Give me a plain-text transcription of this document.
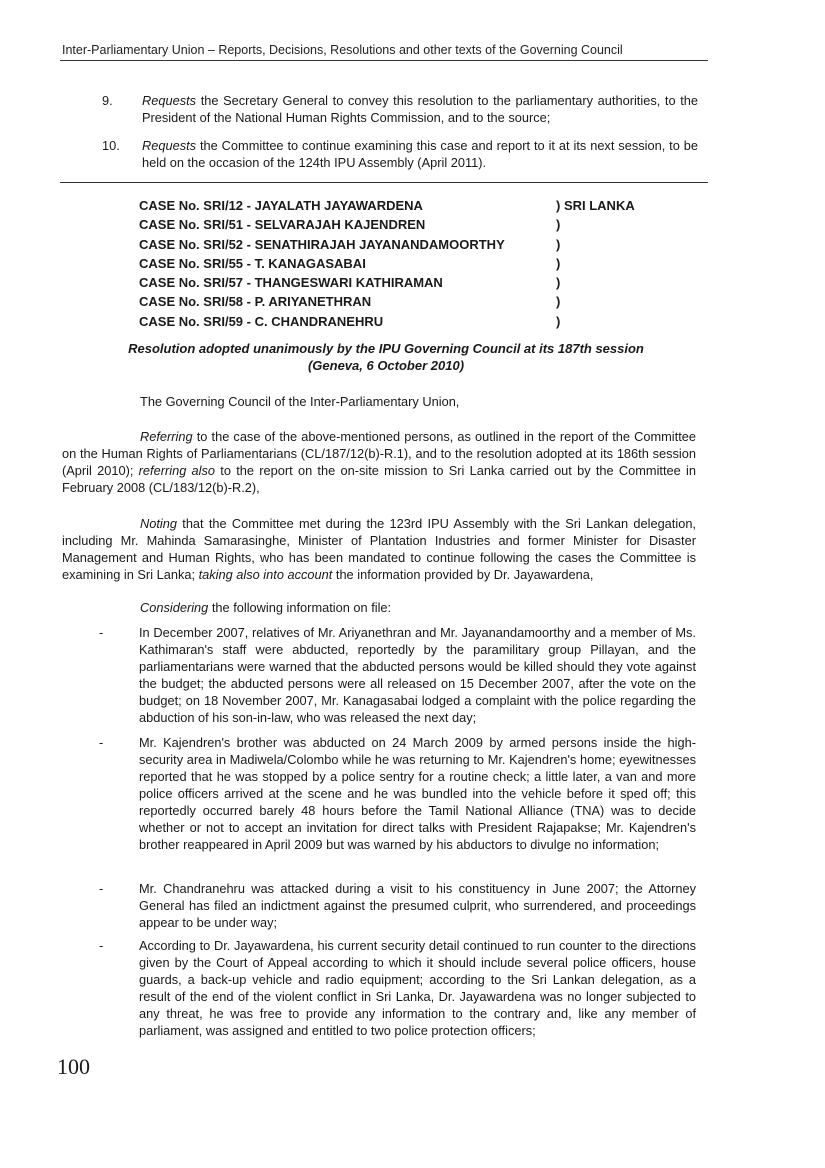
Inter-Parliamentary Union – Reports, Decisions, Resolutions and other texts of the Governing Council
9. Requests the Secretary General to convey this resolution to the parliamentary authorities, to the President of the National Human Rights Commission, and to the source;
10. Requests the Committee to continue examining this case and report to it at its next session, to be held on the occasion of the 124th IPU Assembly (April 2011).
CASE No. SRI/12 - JAYALATH JAYAWARDENA	) SRI LANKA
CASE No. SRI/51 - SELVARAJAH KAJENDREN	)
CASE No. SRI/52 - SENATHIRAJAH JAYANANDAMOORTHY	)
CASE No. SRI/55 - T. KANAGASABAI	)
CASE No. SRI/57 - THANGESWARI KATHIRAMAN	)
CASE No. SRI/58 - P. ARIYANETHRAN	)
CASE No. SRI/59 - C. CHANDRANEHRU	)
Resolution adopted unanimously by the IPU Governing Council at its 187th session
(Geneva, 6 October 2010)
The Governing Council of the Inter-Parliamentary Union,
Referring to the case of the above-mentioned persons, as outlined in the report of the Committee on the Human Rights of Parliamentarians (CL/187/12(b)-R.1), and to the resolution adopted at its 186th session (April 2010); referring also to the report on the on-site mission to Sri Lanka carried out by the Committee in February 2008 (CL/183/12(b)-R.2),
Noting that the Committee met during the 123rd IPU Assembly with the Sri Lankan delegation, including Mr. Mahinda Samarasinghe, Minister of Plantation Industries and former Minister for Disaster Management and Human Rights, who has been mandated to continue following the cases the Committee is examining in Sri Lanka; taking also into account the information provided by Dr. Jayawardena,
Considering the following information on file:
-	In December 2007, relatives of Mr. Ariyanethran and Mr. Jayanandamoorthy and a member of Ms. Kathimaran's staff were abducted, reportedly by the paramilitary group Pillayan, and the parliamentarians were warned that the abducted persons would be killed should they vote against the budget; the abducted persons were all released on 15 December 2007, after the vote on the budget; on 18 November 2007, Mr. Kanagasabai lodged a complaint with the police regarding the abduction of his son-in-law, who was released the next day;
-	Mr. Kajendren's brother was abducted on 24 March 2009 by armed persons inside the high-security area in Madiwela/Colombo while he was returning to Mr. Kajendren's home; eyewitnesses reported that he was stopped by a police sentry for a routine check; a little later, a van and more police officers arrived at the scene and he was bundled into the vehicle before it sped off; this reportedly occurred barely 48 hours before the Tamil National Alliance (TNA) was to decide whether or not to accept an invitation for direct talks with President Rajapakse; Mr. Kajendren's brother reappeared in April 2009 but was warned by his abductors to divulge no information;
-	Mr. Chandranehru was attacked during a visit to his constituency in June 2007; the Attorney General has filed an indictment against the presumed culprit, who surrendered, and proceedings appear to be under way;
-	According to Dr. Jayawardena, his current security detail continued to run counter to the directions given by the Court of Appeal according to which it should include several police officers, house guards, a back-up vehicle and radio equipment; according to the Sri Lankan delegation, as a result of the end of the violent conflict in Sri Lanka, Dr. Jayawardena was no longer subjected to any threat, he was free to provide any information to the contrary and, like any member of parliament, was assigned and entitled to two police protection officers;
100
